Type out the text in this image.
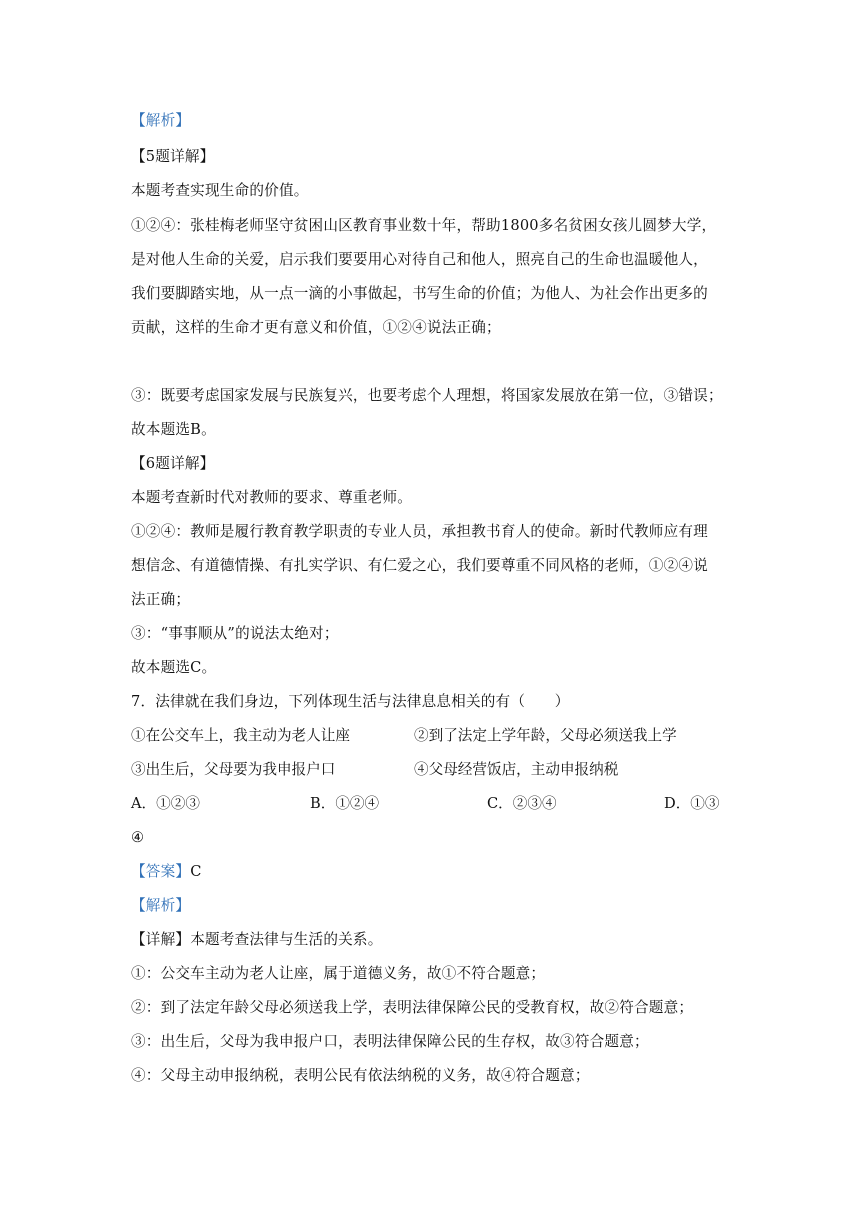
【解析】
【5题详解】
本题考查实现生命的价值。
①②④：张桂梅老师坚守贫困山区教育事业数十年，帮助1800多名贫困女孩儿圆梦大学，
是对他人生命的关爱，启示我们要要用心对待自己和他人，照亮自己的生命也温暖他人，
我们要脚踏实地，从一点一滴的小事做起，书写生命的价值；为他人、为社会作出更多的
贡献，这样的生命才更有意义和价值，①②④说法正确；
③：既要考虑国家发展与民族复兴，也要考虑个人理想，将国家发展放在第一位，③错误；
故本题选B。
【6题详解】
本题考查新时代对教师的要求、尊重老师。
①②④：教师是履行教育教学职责的专业人员，承担教书育人的使命。新时代教师应有理
想信念、有道德情操、有扎实学识、有仁爱之心，我们要尊重不同风格的老师，①②④说
法正确；
③：“事事顺从”的说法太绝对；
故本题选C。
7．法律就在我们身边，下列体现生活与法律息息相关的有（　　）
①在公交车上，我主动为老人让座	②到了法定上学年龄，父母必须送我上学
③出生后，父母要为我申报户口	④父母经营饭店，主动申报纳税
A．①②③	B．①②④	C．②③④	D．①③
④
【答案】C
【解析】
【详解】本题考查法律与生活的关系。
①：公交车主动为老人让座，属于道德义务，故①不符合题意；
②：到了法定年龄父母必须送我上学，表明法律保障公民的受教育权，故②符合题意；
③：出生后，父母为我申报户口，表明法律保障公民的生存权，故③符合题意；
④：父母主动申报纳税，表明公民有依法纳税的义务，故④符合题意；
